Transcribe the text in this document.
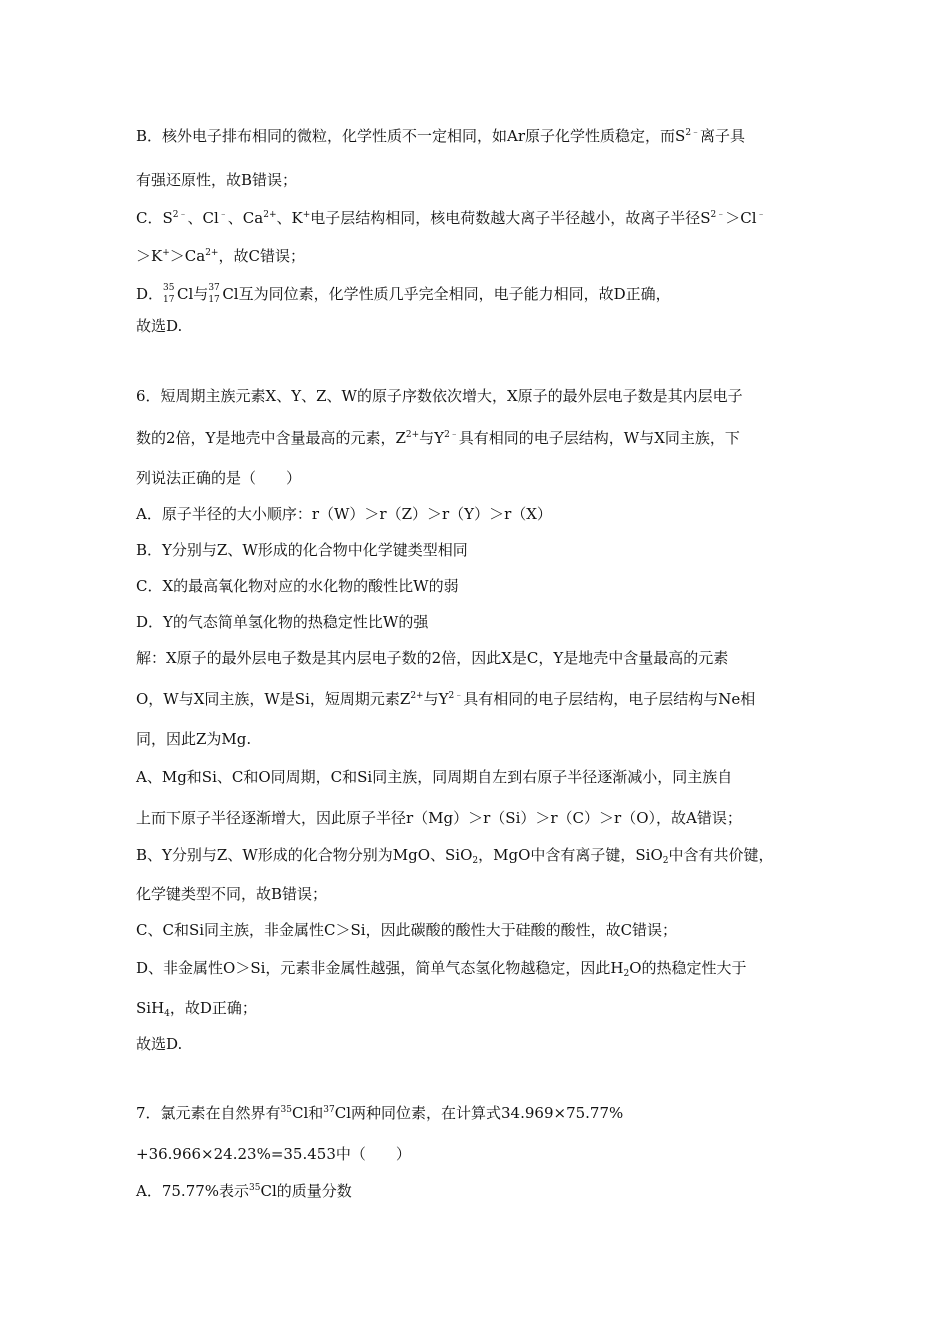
B．核外电子排布相同的微粒，化学性质不一定相同，如Ar原子化学性质稳定，而$S^{2﹣}$离子具
有强还原性，故B错误；
C．$S^{2﹣}$、Cl﹣、$Ca^{2+}$、K+电子层结构相同，核电荷数越大离子半径越小，故离子半径$S^{2﹣}>Cl^﹣$
$>K^+>Ca^{2+}$，故C错误；
D． 35
17 Cl与 37
17 Cl互为同位素，化学性质几乎完全相同，电子能力相同，故D正确，
故选D.
6．短周期主族元素X、Y、Z、W的原子序数依次增大，X原子的最外层电子数是其内层电子
数的2倍，Y是地壳中含量最高的元素，$Z^{2+}$与$Y^{2﹣}$具有相同的电子层结构，W与X同主族，下
列说法正确的是（　　）
A．原子半径的大小顺序：r（W）＞r（Z）＞r（Y）＞r（X）
B．Y分别与Z、W形成的化合物中化学键类型相同
C．X的最高氧化物对应的水化物的酸性比W的弱
D．Y的气态简单氢化物的热稳定性比W的强
解：X原子的最外层电子数是其内层电子数的2倍，因此X是C，Y是地壳中含量最高的元素
O，W与X同主族，W是Si，短周期元素$Z^{2+}$与$Y^{2﹣}$具有相同的电子层结构，电子层结构与Ne相
同，因此Z为Mg.
A、Mg和Si、C和O同周期，C和Si同主族，同周期自左到右原子半径逐渐减小，同主族自
上而下原子半径逐渐增大，因此原子半径r（Mg）＞r（Si）＞r（C）＞r（O），故A错误；
B、Y分别与Z、W形成的化合物分别为MgO、SiO$_2$，MgO中含有离子键，SiO$_2$中含有共价键，
化学键类型不同，故B错误；
C、C和Si同主族，非金属性C＞Si，因此碳酸的酸性大于硅酸的酸性，故C错误；
D、非金属性O＞Si，元素非金属性越强，简单气态氢化物越稳定，因此$H_2O$的热稳定性大于
SiH$_4$，故D正确；
故选D.
7．氯元素在自然界有$^{35}$Cl和$^{37}$Cl两种同位素，在计算式34.969×75.77%
+36.966×24.23%=35.453中（　　）
A．75.77%表示$^{35}$Cl的质量分数
